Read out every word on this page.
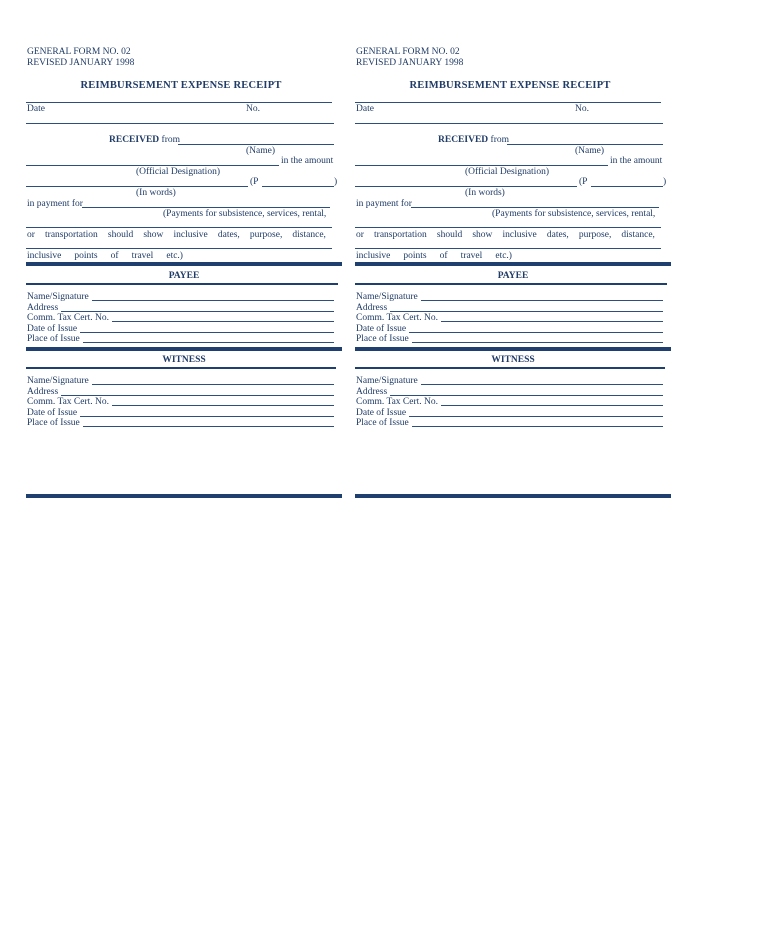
GENERAL FORM NO. 02
REVISED JANUARY 1998
REIMBURSEMENT EXPENSE RECEIPT
Date	No.
RECEIVED from
(Name)
in the amount
(Official Designation)
(P	)
(In words)
in payment for
(Payments for subsistence, services, rental,
or transportation should show inclusive dates, purpose, distance,
inclusive points of travel etc.)
PAYEE
Name/Signature
Address
Comm. Tax Cert. No.
Date of Issue
Place of Issue
WITNESS
Name/Signature
Address
Comm. Tax Cert. No.
Date of Issue
Place of Issue
GENERAL FORM NO. 02
REVISED JANUARY 1998
REIMBURSEMENT EXPENSE RECEIPT
Date	No.
RECEIVED from
(Name)
in the amount
(Official Designation)
(P	)
(In words)
in payment for
(Payments for subsistence, services, rental,
or transportation should show inclusive dates, purpose, distance,
inclusive points of travel etc.)
PAYEE
Name/Signature
Address
Comm. Tax Cert. No.
Date of Issue
Place of Issue
WITNESS
Name/Signature
Address
Comm. Tax Cert. No.
Date of Issue
Place of Issue
